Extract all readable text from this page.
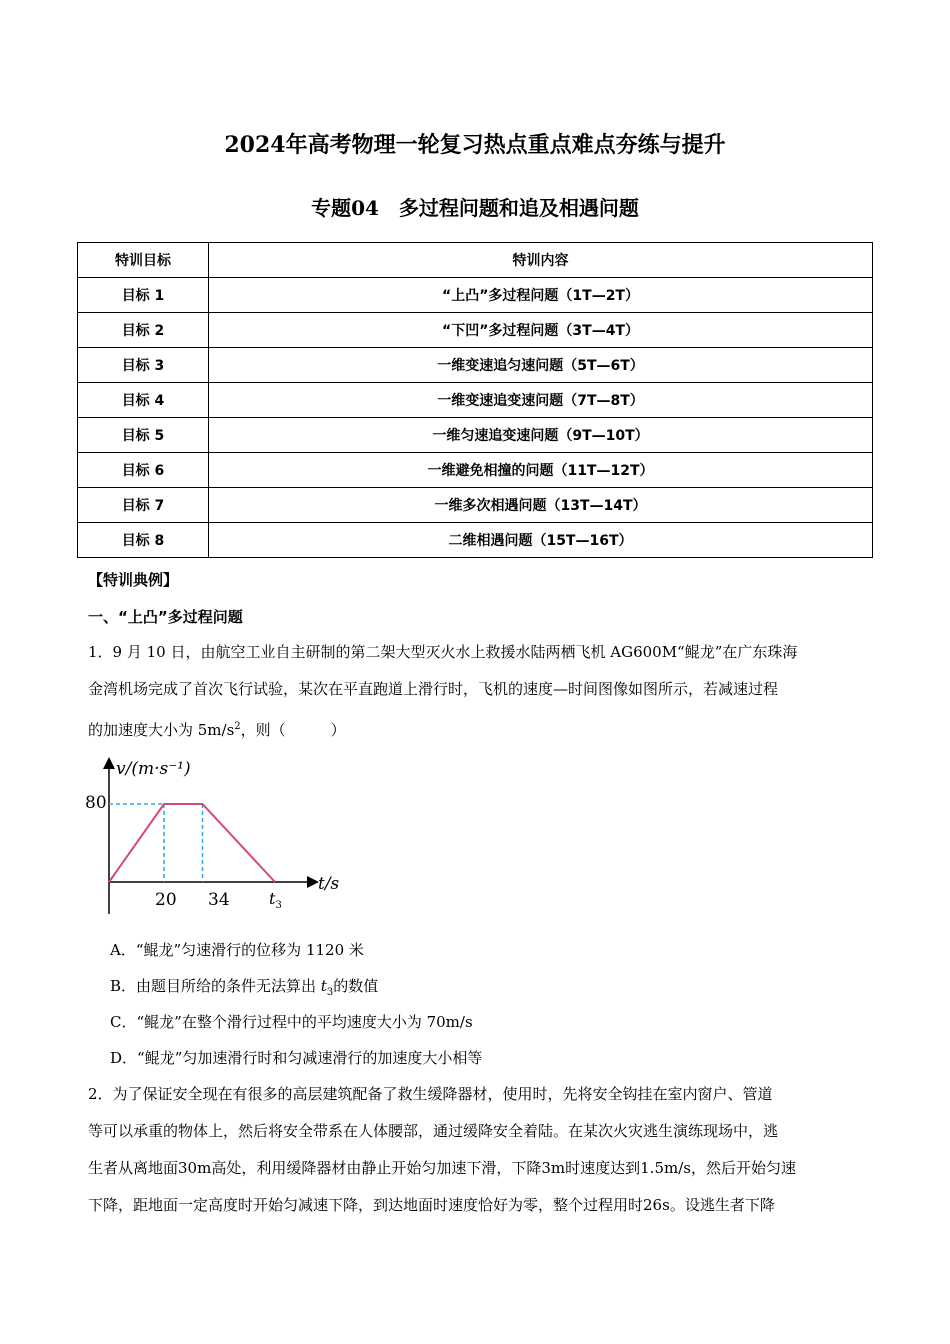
2024年高考物理一轮复习热点重点难点夯练与提升
专题04　多过程问题和追及相遇问题
特训目标	特训内容
目标 1	“上凸”多过程问题（1T—2T）
目标 2	“下凹”多过程问题（3T—4T）
目标 3	一维变速追匀速问题（5T—6T）
目标 4	一维变速追变速问题（7T—8T）
目标 5	一维匀速追变速问题（9T—10T）
目标 6	一维避免相撞的问题（11T—12T）
目标 7	一维多次相遇问题（13T—14T）
目标 8	二维相遇问题（15T—16T）
【特训典例】
一、“上凸”多过程问题
1．9 月 10 日，由航空工业自主研制的第二架大型灭火水上救援水陆两栖飞机 AG600M“鲲龙”在广东珠海
金湾机场完成了首次飞行试验，某次在平直跑道上滑行时，飞机的速度—时间图像如图所示，若减速过程
的加速度大小为 $5m/s^2$，则（　　　）
v/(m·s⁻¹)
t/s
80
20 34 $t_3$
A．“鲲龙”匀速滑行的位移为 1120 米
B．由题目所给的条件无法算出 $t_3$的数值
C．“鲲龙”在整个滑行过程中的平均速度大小为 70m/s
D．“鲲龙”匀加速滑行时和匀减速滑行的加速度大小相等
2．为了保证安全现在有很多的高层建筑配备了救生缓降器材，使用时，先将安全钩挂在室内窗户、管道
等可以承重的物体上，然后将安全带系在人体腰部，通过缓降安全着陆。在某次火灾逃生演练现场中，逃
生者从离地面30m高处，利用缓降器材由静止开始匀加速下滑，下降3m时速度达到1.5m/s，然后开始匀速
下降，距地面一定高度时开始匀减速下降，到达地面时速度恰好为零，整个过程用时26s。设逃生者下降
